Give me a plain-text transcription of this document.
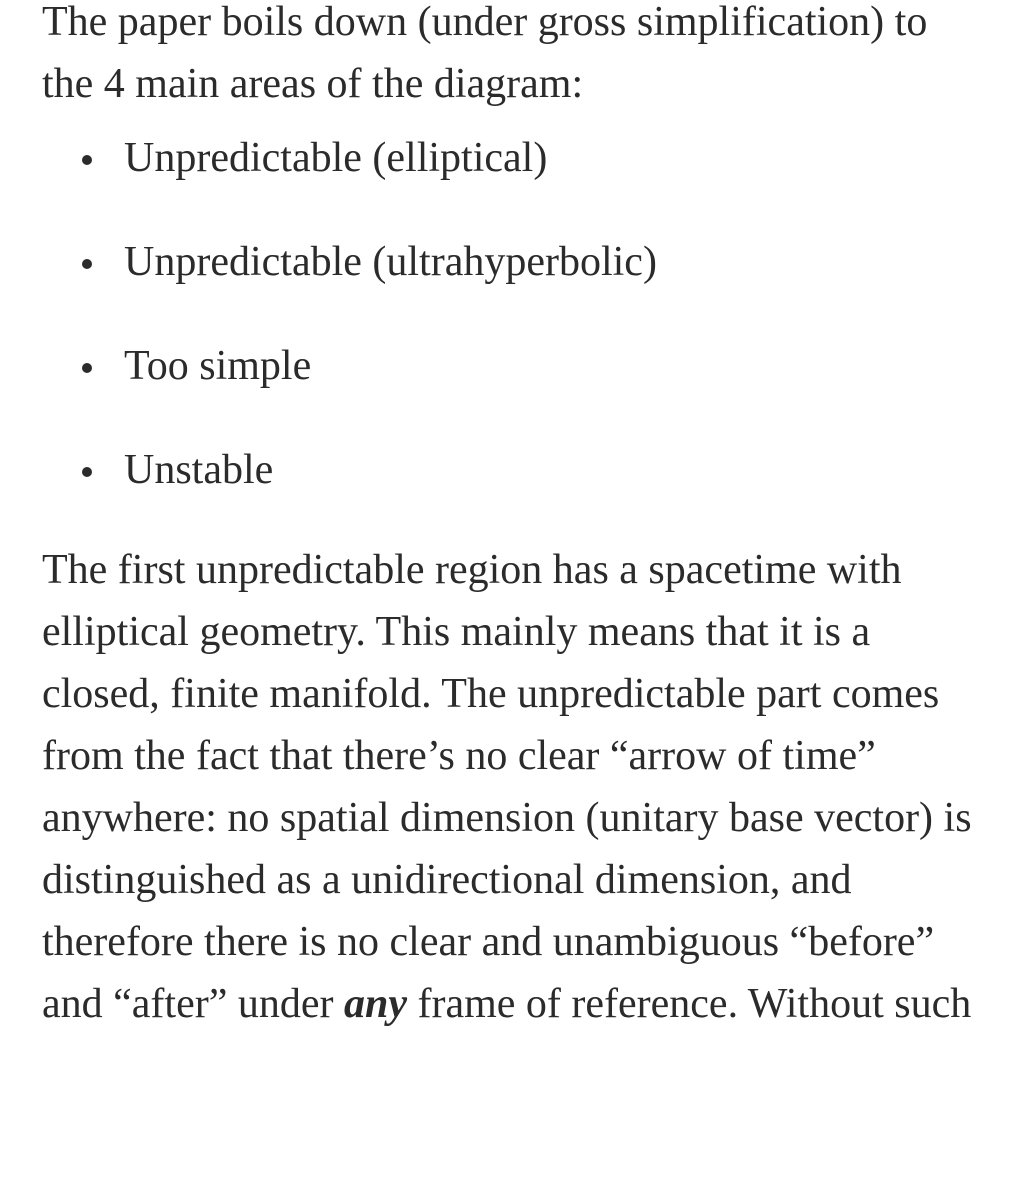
The paper boils down (under gross simplification) to the 4 main areas of the diagram:

Unpredictable (elliptical)
Unpredictable (ultrahyperbolic)
Too simple
Unstable

The first unpredictable region has a spacetime with elliptical geometry. This mainly means that it is a closed, finite manifold. The unpredictable part comes from the fact that there’s no clear “arrow of time” anywhere: no spatial dimension (unitary base vector) is distinguished as a unidirectional dimension, and therefore there is no clear and unambiguous “before” and “after” under any frame of reference. Without such
